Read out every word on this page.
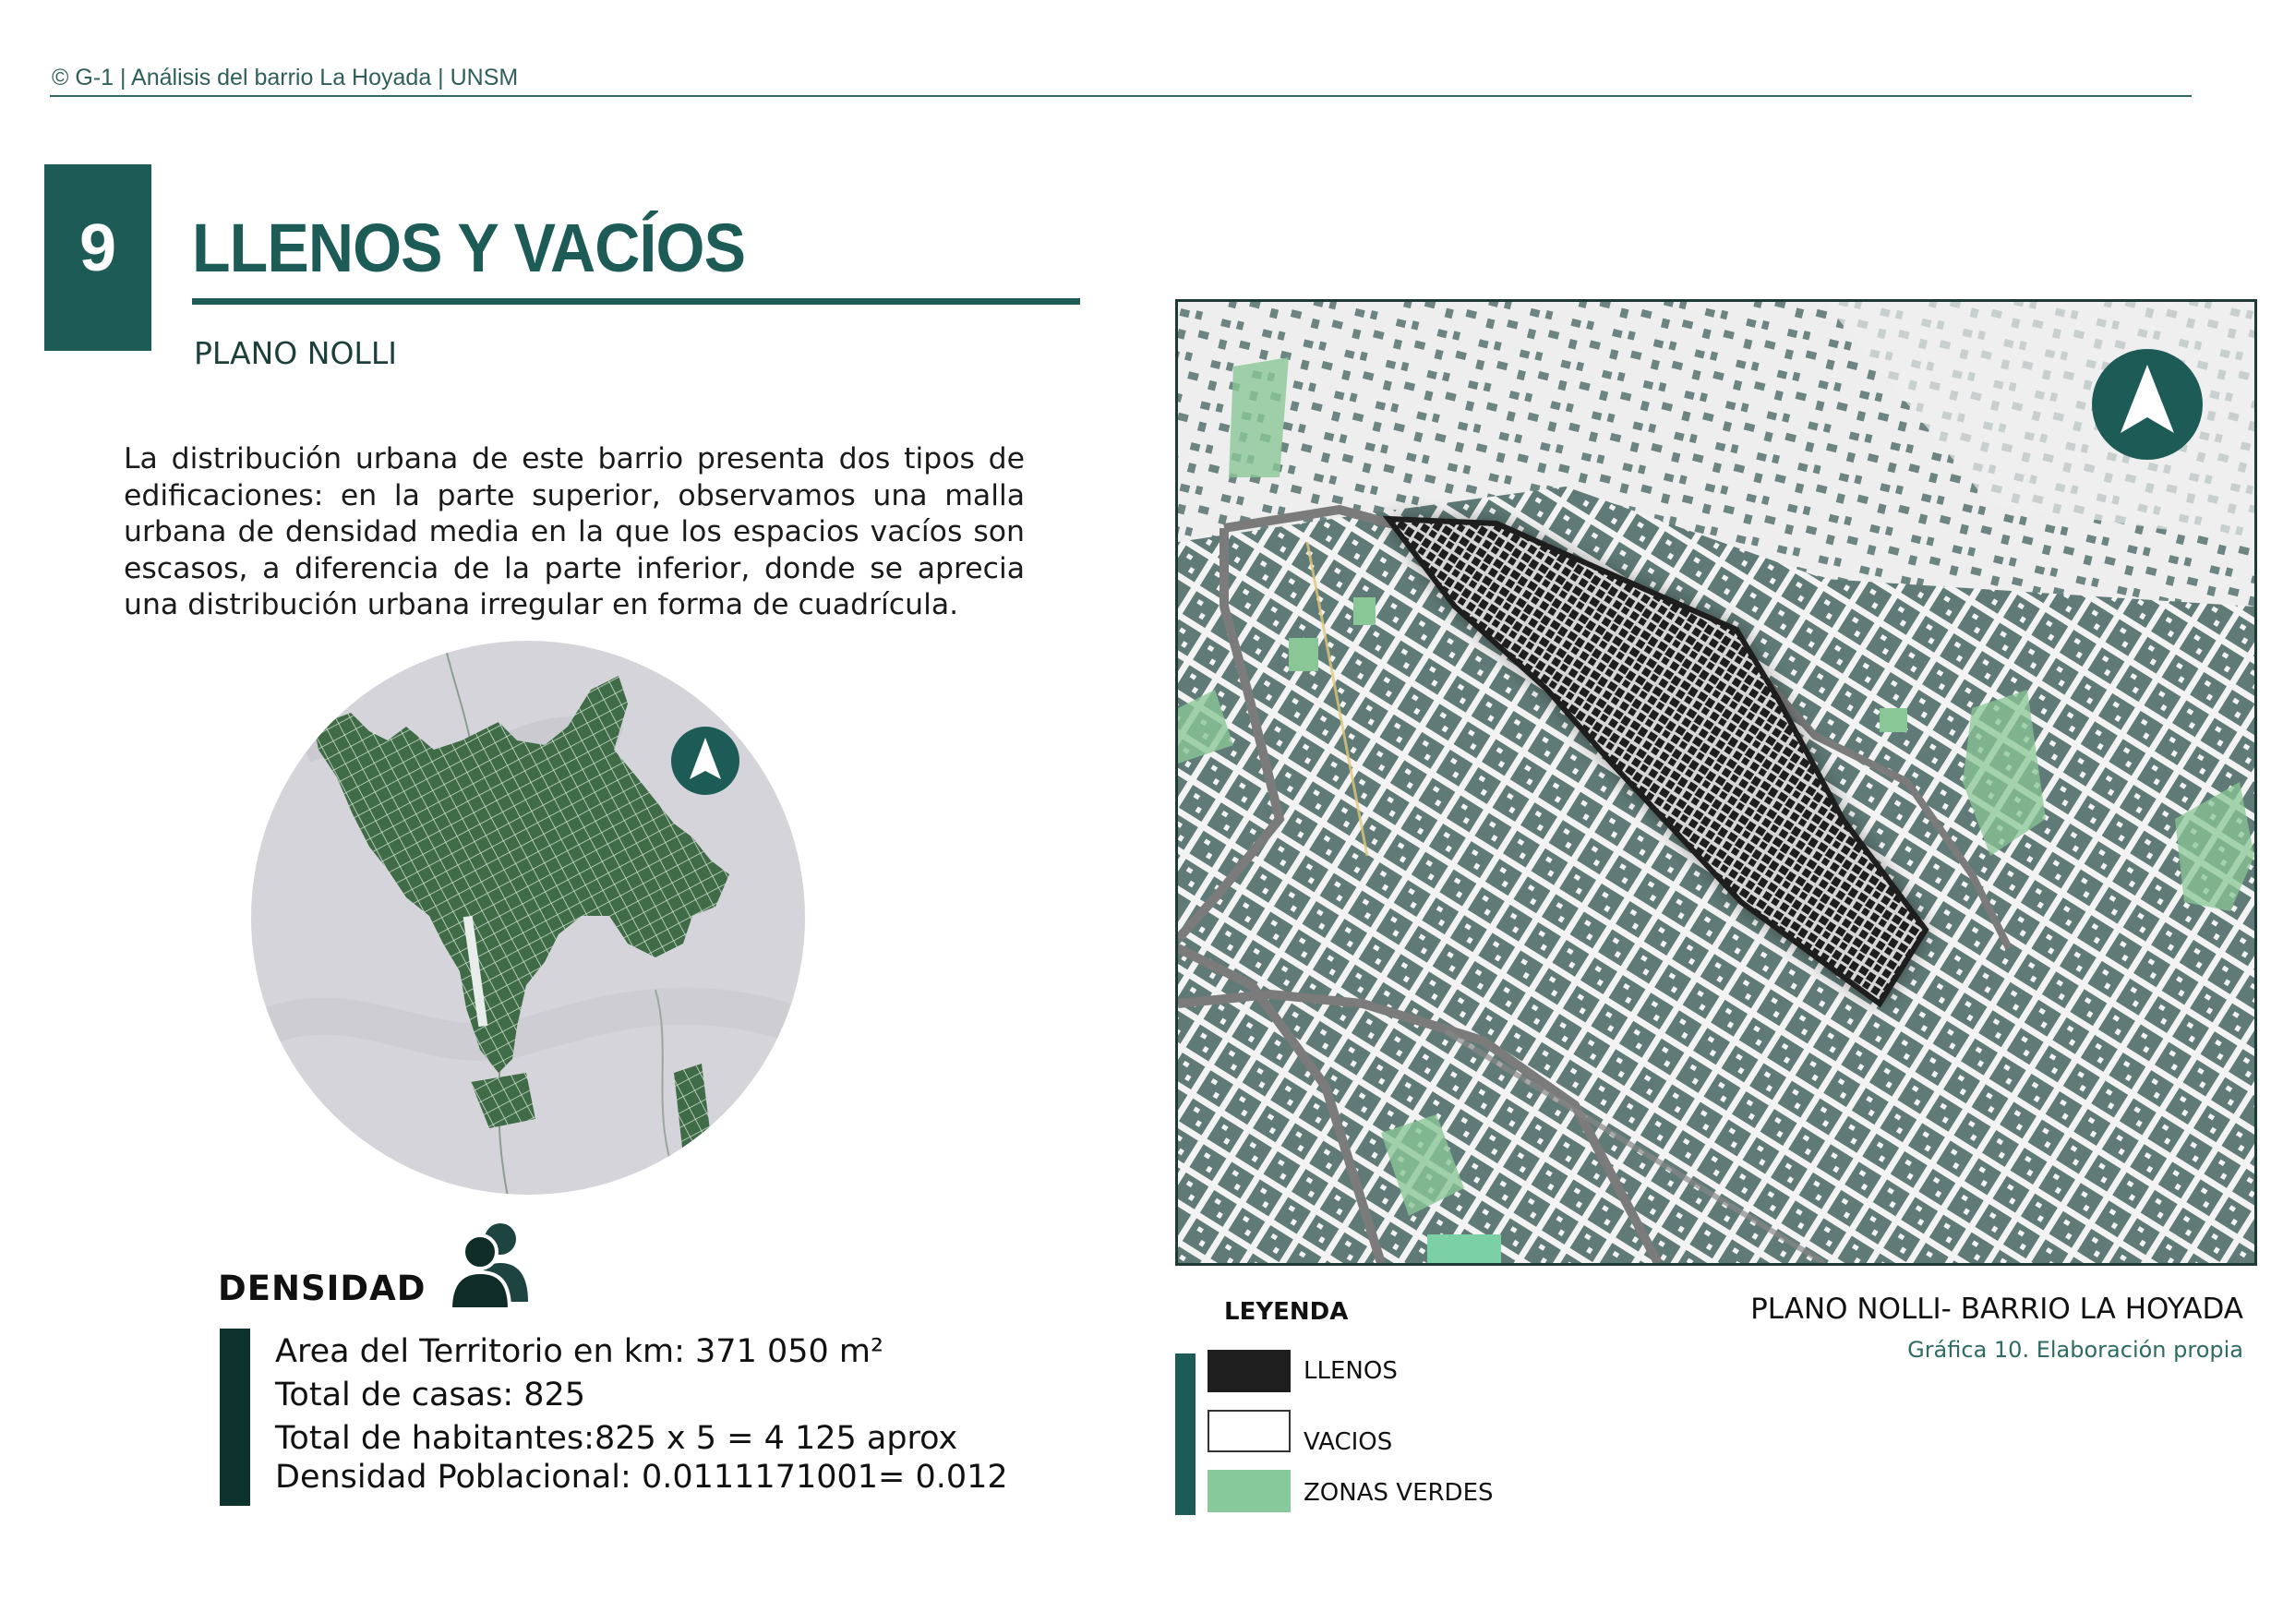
© G-1 | Análisis del barrio La Hoyada | UNSM
9	LLENOS Y VACÍOS
PLANO NOLLI
La distribución urbana de este barrio presenta dos tipos de edificaciones: en la parte superior, observamos una malla urbana de densidad media en la que los espacios vacíos son escasos, a diferencia de la parte inferior, donde se aprecia una distribución urbana irregular en forma de cuadrícula.
DENSIDAD
Area del Territorio en km: 371 050 m²
Total de casas: 825
Total de habitantes:825 x 5 = 4 125 aprox
Densidad Poblacional: 0.0111171001= 0.012
LEYENDA
LLENOS
VACIOS
ZONAS VERDES
PLANO NOLLI- BARRIO LA HOYADA
Gráfica 10. Elaboración propia
